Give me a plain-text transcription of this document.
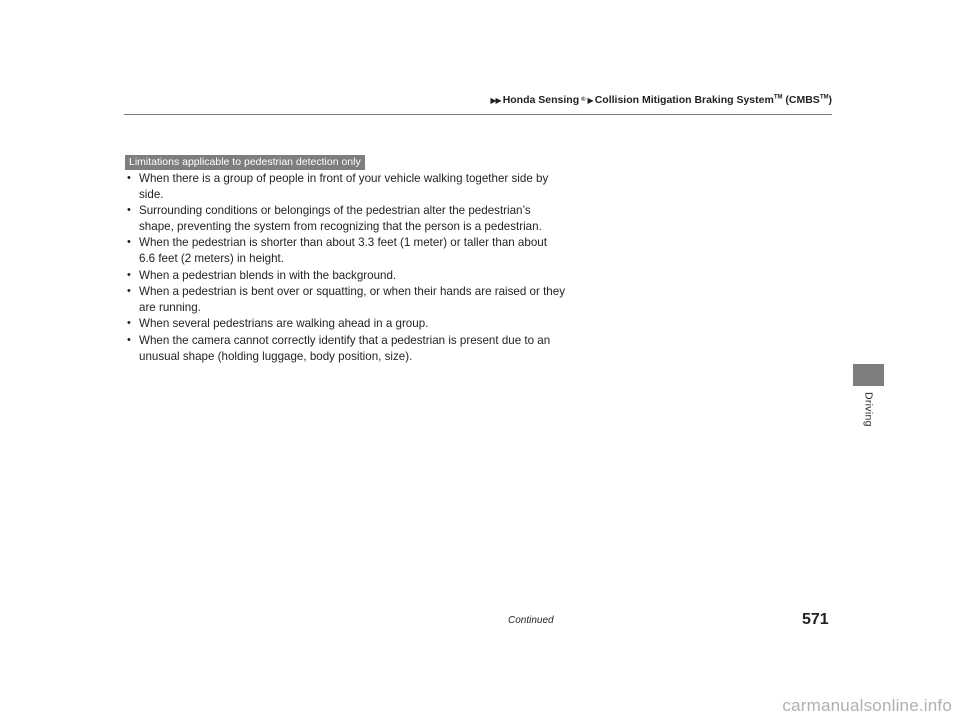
▶▶ Honda Sensing ® ▶ Collision Mitigation Braking System™ (CMBS™)
Limitations applicable to pedestrian detection only
• When there is a group of people in front of your vehicle walking together side by side.
• Surrounding conditions or belongings of the pedestrian alter the pedestrian’s shape, preventing the system from recognizing that the person is a pedestrian.
• When the pedestrian is shorter than about 3.3 feet (1 meter) or taller than about 6.6 feet (2 meters) in height.
• When a pedestrian blends in with the background.
• When a pedestrian is bent over or squatting, or when their hands are raised or they are running.
• When several pedestrians are walking ahead in a group.
• When the camera cannot correctly identify that a pedestrian is present due to an unusual shape (holding luggage, body position, size).
Driving
Continued	571
carmanualsonline.info
